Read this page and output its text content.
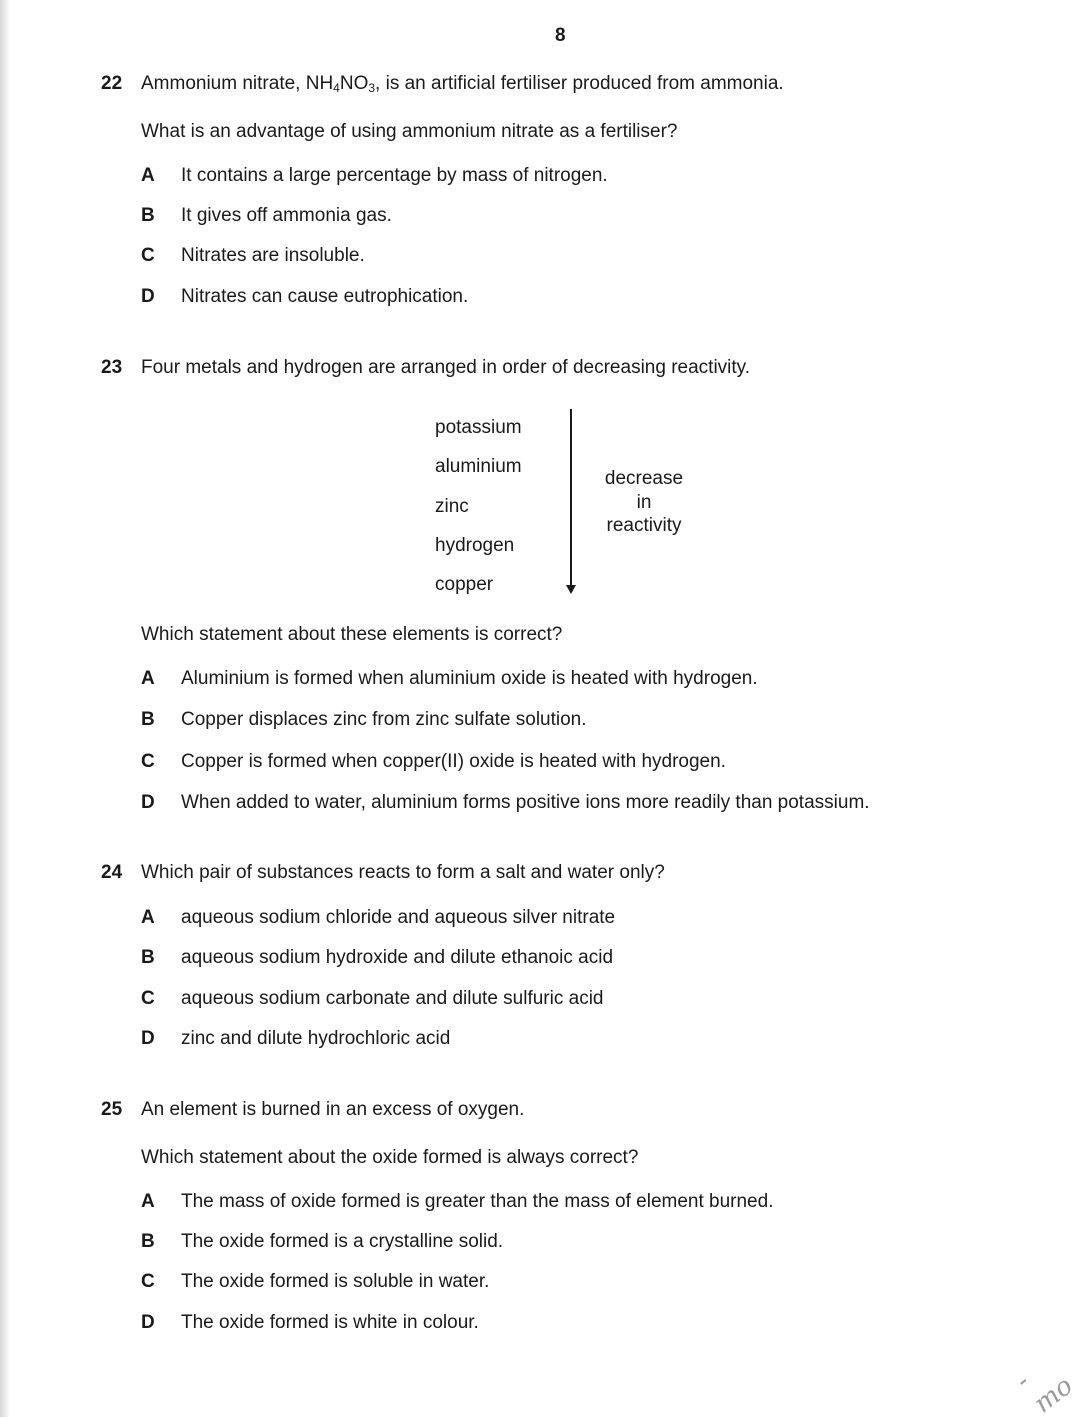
8
22 Ammonium nitrate, $NH_4NO_3$, is an artificial fertiliser produced from ammonia.
What is an advantage of using ammonium nitrate as a fertiliser?
A It contains a large percentage by mass of nitrogen.
B It gives off ammonia gas.
C Nitrates are insoluble.
D Nitrates can cause eutrophication.
23 Four metals and hydrogen are arranged in order of decreasing reactivity.
potassium
aluminium
zinc
hydrogen
copper
decrease
in
reactivity
Which statement about these elements is correct?
A Aluminium is formed when aluminium oxide is heated with hydrogen.
B Copper displaces zinc from zinc sulfate solution.
C Copper is formed when copper(II) oxide is heated with hydrogen.
D When added to water, aluminium forms positive ions more readily than potassium.
24 Which pair of substances reacts to form a salt and water only?
A aqueous sodium chloride and aqueous silver nitrate
B aqueous sodium hydroxide and dilute ethanoic acid
C aqueous sodium carbonate and dilute sulfuric acid
D zinc and dilute hydrochloric acid
25 An element is burned in an excess of oxygen.
Which statement about the oxide formed is always correct?
A The mass of oxide formed is greater than the mass of element burned.
B The oxide formed is a crystalline solid.
C The oxide formed is soluble in water.
D The oxide formed is white in colour.
-mo
